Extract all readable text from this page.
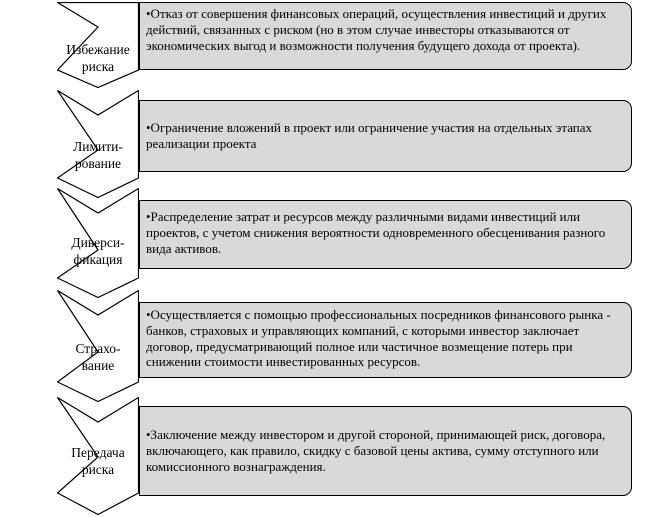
Избежание
риска
•Отказ от совершения финансовых операций, осуществления инвестиций и других действий, связанных с риском (но в этом случае инвесторы отказываются от экономических выгод и возможности получения будущего дохода от проекта).
Лимити-
рование
•Ограничение вложений в проект или ограничение участия на отдельных этапах реализации проекта
Диверси-
фикация
•Распределение затрат и ресурсов между различными видами инвестиций или проектов, с учетом снижения вероятности одновременного обесценивания разного вида активов.
Страхо-
вание
•Осуществляется с помощью профессиональных посредников финансового рынка - банков, страховых и управляющих компаний, с которыми инвестор заключает договор, предусматривающий полное или частичное возмещение потерь при снижении стоимости инвестированных ресурсов.
Передача
риска
•Заключение между инвестором и другой стороной, принимающей риск, договора, включающего, как правило, скидку с базовой цены актива, сумму отступного или комиссионного вознаграждения.
